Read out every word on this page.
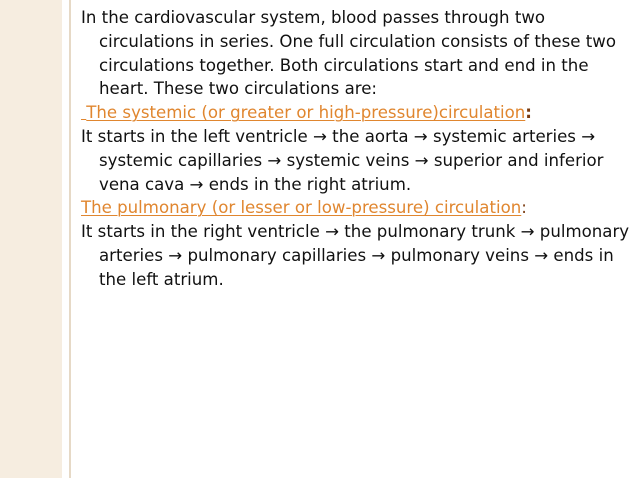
In the cardiovascular system, blood passes through two circulations in series. One full circulation consists of these two circulations together. Both circulations start and end in the heart. These two circulations are:

The systemic (or greater or high-pressure)circulation:

It starts in the left ventricle → the aorta → systemic arteries → systemic capillaries → systemic veins → superior and inferior vena cava → ends in the right atrium.

The pulmonary (or lesser or low-pressure) circulation:

It starts in the right ventricle → the pulmonary trunk → pulmonary arteries → pulmonary capillaries → pulmonary veins → ends in the left atrium.
